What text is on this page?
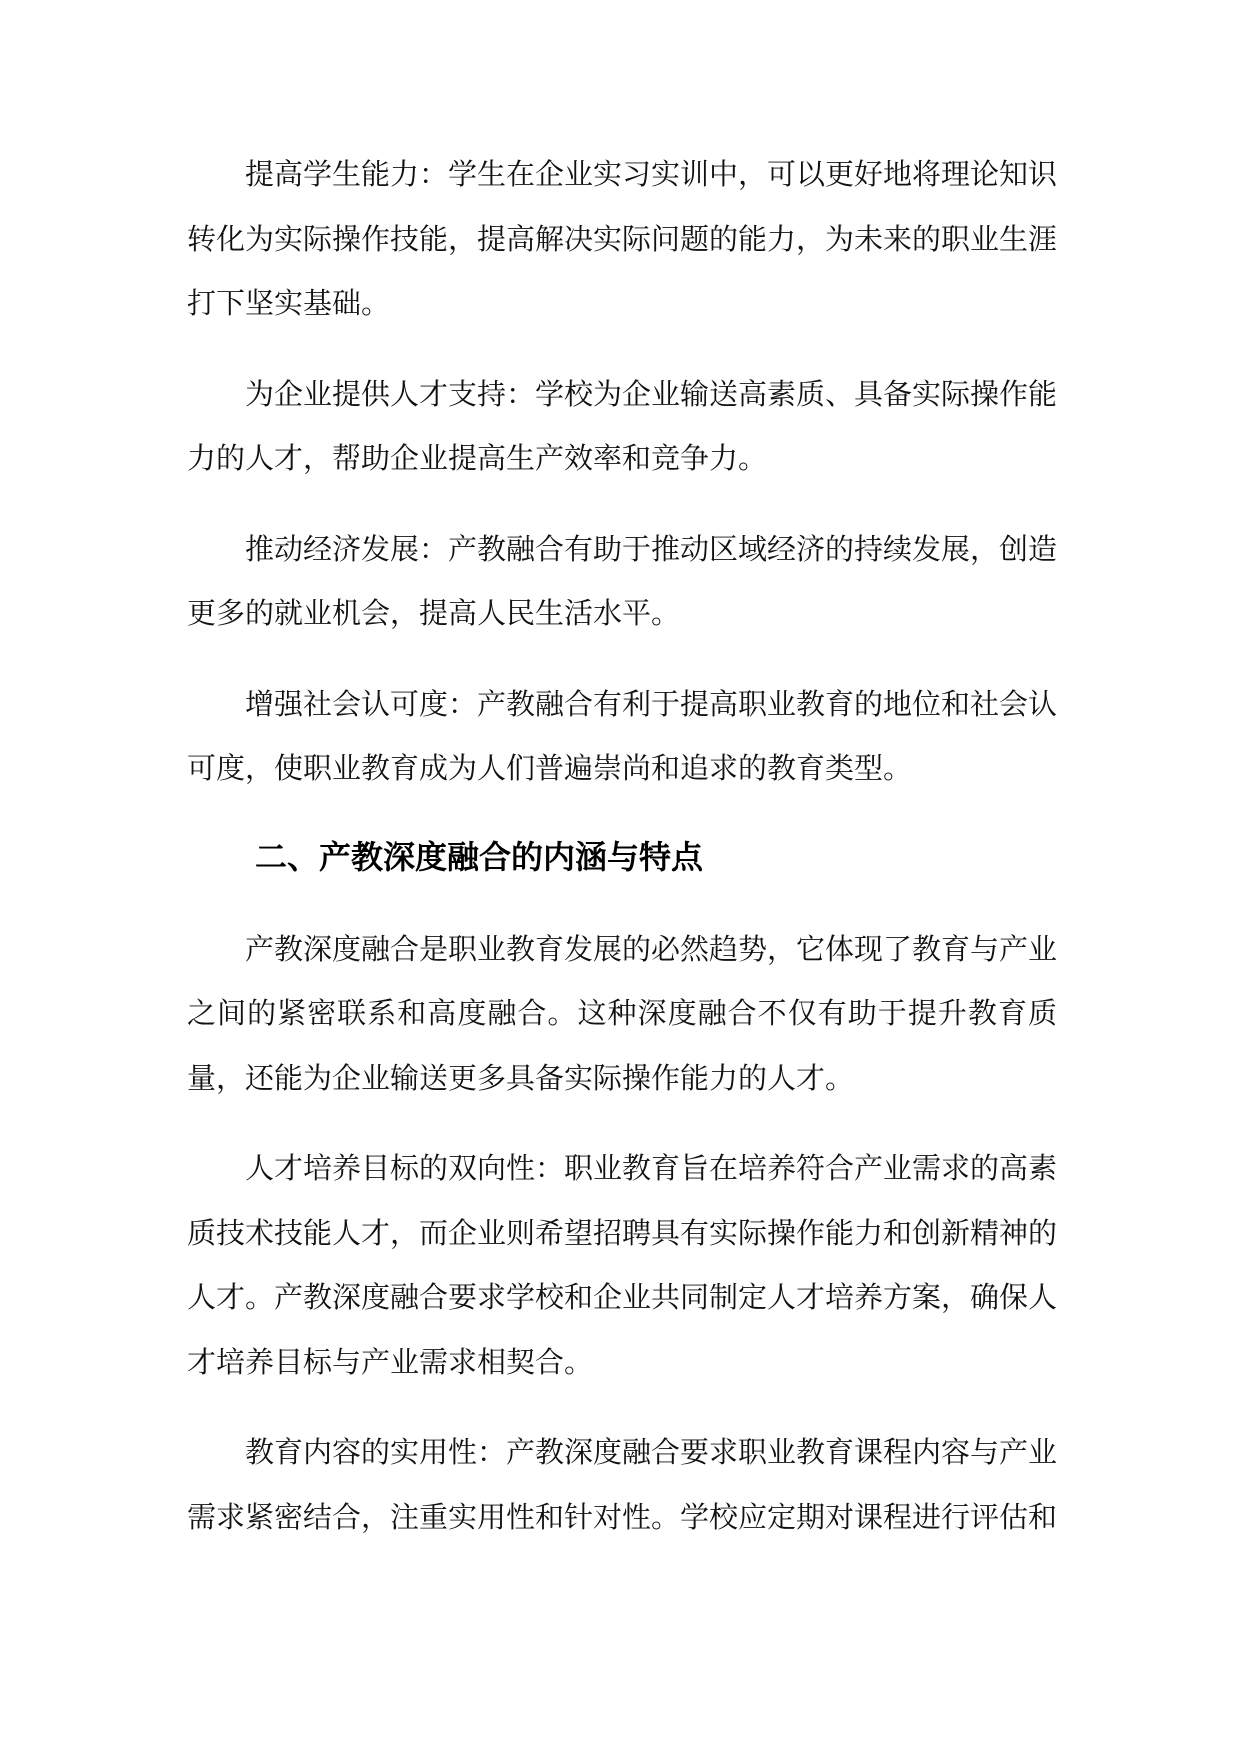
提高学生能力：学生在企业实习实训中，可以更好地将理论知识转化为实际操作技能，提高解决实际问题的能力，为未来的职业生涯打下坚实基础。

为企业提供人才支持：学校为企业输送高素质、具备实际操作能力的人才，帮助企业提高生产效率和竞争力。

推动经济发展：产教融合有助于推动区域经济的持续发展，创造更多的就业机会，提高人民生活水平。

增强社会认可度：产教融合有利于提高职业教育的地位和社会认可度，使职业教育成为人们普遍崇尚和追求的教育类型。

二、产教深度融合的内涵与特点

产教深度融合是职业教育发展的必然趋势，它体现了教育与产业之间的紧密联系和高度融合。这种深度融合不仅有助于提升教育质量，还能为企业输送更多具备实际操作能力的人才。

人才培养目标的双向性：职业教育旨在培养符合产业需求的高素质技术技能人才，而企业则希望招聘具有实际操作能力和创新精神的人才。产教深度融合要求学校和企业共同制定人才培养方案，确保人才培养目标与产业需求相契合。

教育内容的实用性：产教深度融合要求职业教育课程内容与产业需求紧密结合，注重实用性和针对性。学校应定期对课程进行评估和
